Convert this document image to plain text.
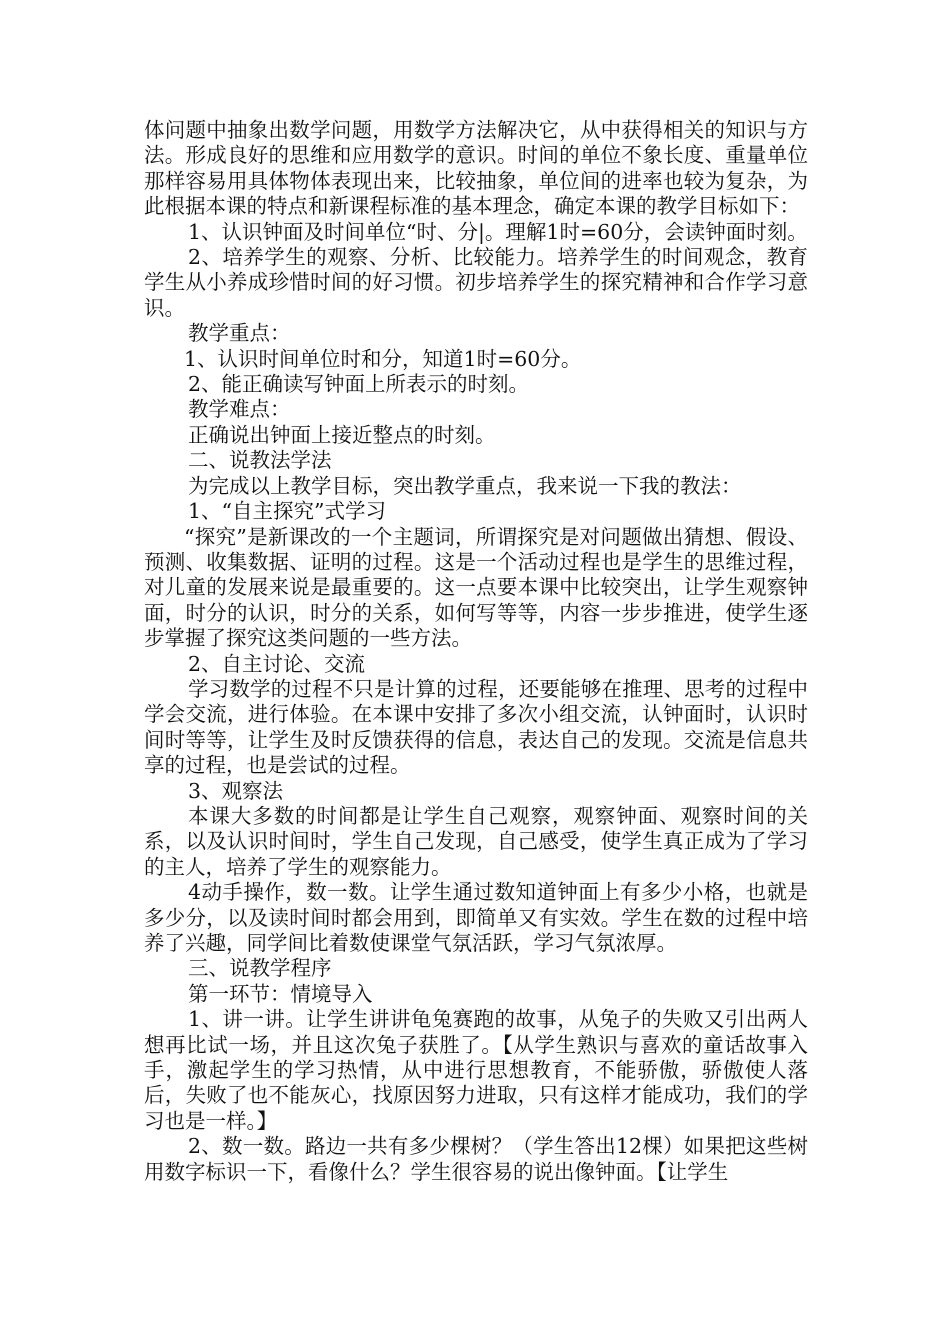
体问题中抽象出数学问题，用数学方法解决它，从中获得相关的知识与方法。形成良好的思维和应用数学的意识。时间的单位不象长度、重量单位那样容易用具体物体表现出来，比较抽象，单位间的进率也较为复杂，为此根据本课的特点和新课程标准的基本理念，确定本课的教学目标如下：

1、认识钟面及时间单位“时、分|。理解1时=60分，会读钟面时刻。

2、培养学生的观察、分析、比较能力。培养学生的时间观念，教育学生从小养成珍惜时间的好习惯。初步培养学生的探究精神和合作学习意识。

教学重点：

1、认识时间单位时和分，知道1时=60分。

2、能正确读写钟面上所表示的时刻。

教学难点：

正确说出钟面上接近整点的时刻。

二、说教法学法

为完成以上教学目标，突出教学重点，我来说一下我的教法：

1、“自主探究”式学习

“探究”是新课改的一个主题词，所谓探究是对问题做出猜想、假设、预测、收集数据、证明的过程。这是一个活动过程也是学生的思维过程，对儿童的发展来说是最重要的。这一点要本课中比较突出，让学生观察钟面，时分的认识，时分的关系，如何写等等，内容一步步推进，使学生逐步掌握了探究这类问题的一些方法。

2、自主讨论、交流

学习数学的过程不只是计算的过程，还要能够在推理、思考的过程中学会交流，进行体验。在本课中安排了多次小组交流，认钟面时，认识时间时等等，让学生及时反馈获得的信息，表达自己的发现。交流是信息共享的过程，也是尝试的过程。

3、观察法

本课大多数的时间都是让学生自己观察，观察钟面、观察时间的关系，以及认识时间时，学生自己发现，自己感受，使学生真正成为了学习的主人，培养了学生的观察能力。

4动手操作，数一数。让学生通过数知道钟面上有多少小格，也就是多少分，以及读时间时都会用到，即简单又有实效。学生在数的过程中培养了兴趣，同学间比着数使课堂气氛活跃，学习气氛浓厚。

三、说教学程序

第一环节：情境导入

1、讲一讲。让学生讲讲龟兔赛跑的故事，从兔子的失败又引出两人想再比试一场，并且这次兔子获胜了。【从学生熟识与喜欢的童话故事入手，激起学生的学习热情，从中进行思想教育，不能骄傲，骄傲使人落后，失败了也不能灰心，找原因努力进取，只有这样才能成功，我们的学习也是一样。】

2、数一数。路边一共有多少棵树？（学生答出12棵）如果把这些树用数字标识一下，看像什么？学生很容易的说出像钟面。【让学生
